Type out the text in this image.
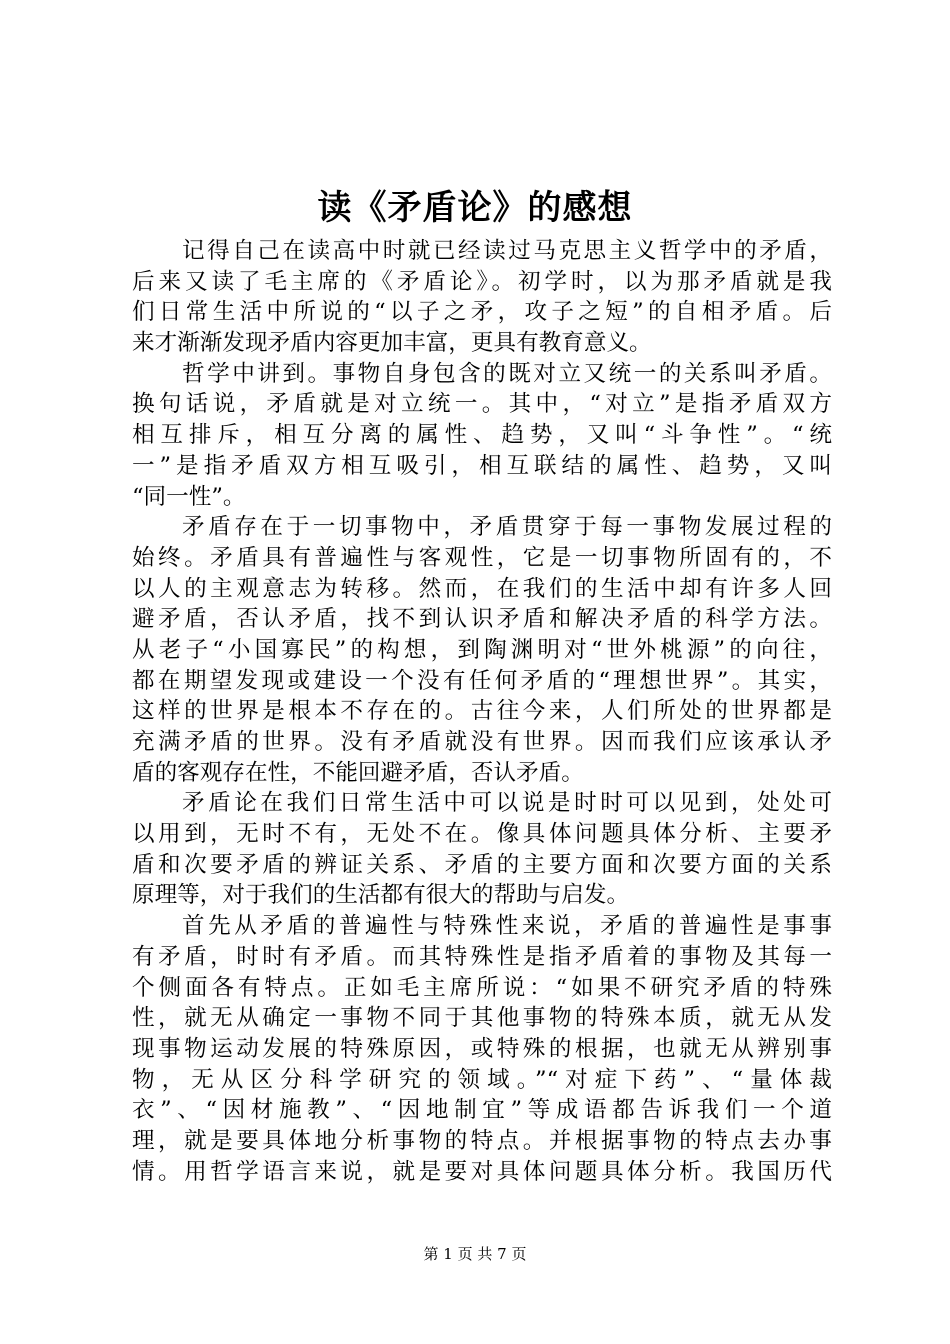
读《矛盾论》的感想
记得自己在读高中时就已经读过马克思主义哲学中的矛盾，
后来又读了毛主席的《矛盾论》。初学时，以为那矛盾就是我
们日常生活中所说的“以子之矛，攻子之短”的自相矛盾。后
来才渐渐发现矛盾内容更加丰富，更具有教育意义。
哲学中讲到。事物自身包含的既对立又统一的关系叫矛盾。
换句话说，矛盾就是对立统一。其中，“对立”是指矛盾双方
相互排斥，相互分离的属性、趋势，又叫“斗争性”。“统
一”是指矛盾双方相互吸引，相互联结的属性、趋势，又叫
“同一性”。
矛盾存在于一切事物中，矛盾贯穿于每一事物发展过程的
始终。矛盾具有普遍性与客观性，它是一切事物所固有的，不
以人的主观意志为转移。然而，在我们的生活中却有许多人回
避矛盾，否认矛盾，找不到认识矛盾和解决矛盾的科学方法。
从老子“小国寡民”的构想，到陶渊明对“世外桃源”的向往，
都在期望发现或建设一个没有任何矛盾的“理想世界”。其实，
这样的世界是根本不存在的。古往今来，人们所处的世界都是
充满矛盾的世界。没有矛盾就没有世界。因而我们应该承认矛
盾的客观存在性，不能回避矛盾，否认矛盾。
矛盾论在我们日常生活中可以说是时时可以见到，处处可
以用到，无时不有，无处不在。像具体问题具体分析、主要矛
盾和次要矛盾的辨证关系、矛盾的主要方面和次要方面的关系
原理等，对于我们的生活都有很大的帮助与启发。
首先从矛盾的普遍性与特殊性来说，矛盾的普遍性是事事
有矛盾，时时有矛盾。而其特殊性是指矛盾着的事物及其每一
个侧面各有特点。正如毛主席所说：“如果不研究矛盾的特殊
性，就无从确定一事物不同于其他事物的特殊本质，就无从发
现事物运动发展的特殊原因，或特殊的根据，也就无从辨别事
物，无从区分科学研究的领域。”“对症下药”、“量体裁
衣”、“因材施教”、“因地制宜”等成语都告诉我们一个道
理，就是要具体地分析事物的特点。并根据事物的特点去办事
情。用哲学语言来说，就是要对具体问题具体分析。我国历代
第 1 页 共 7 页
